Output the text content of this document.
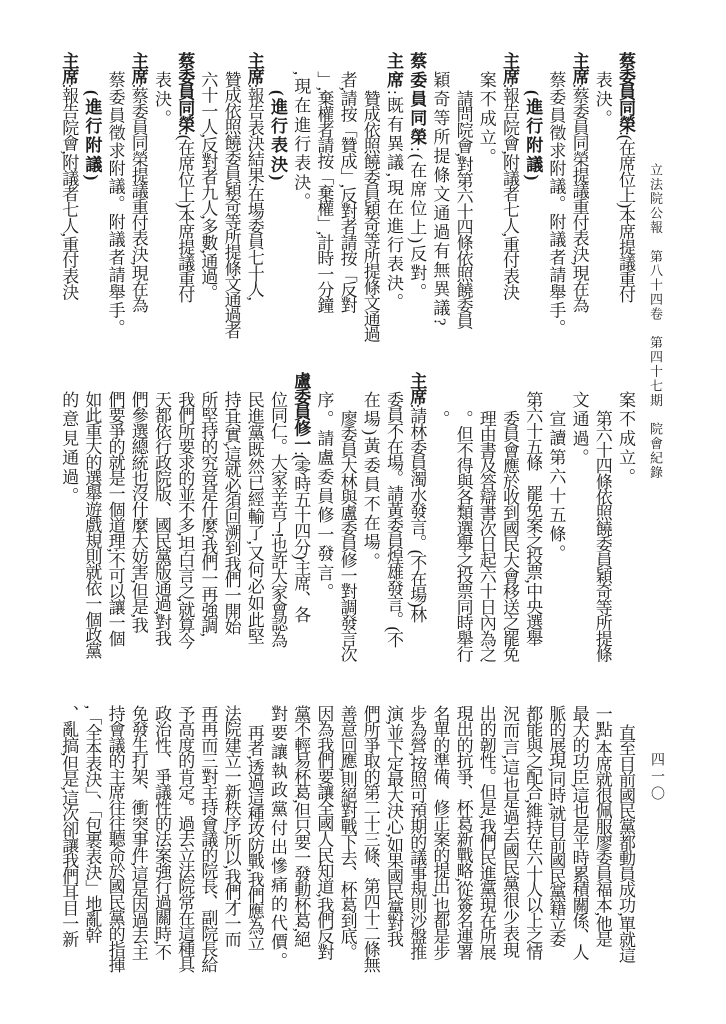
立法院公報　第八十四卷　第四十七期　院會紀錄
四一〇
蔡委員同榮:(在席位上)本席提議重付
表決。
主席:蔡委員同榮提議重付表決,現在為
蔡委員徵求附議。附議者請舉手。
(進行附議)
主席:報告院會,附議者七人,重付表決
案不成立。
請問院會,對第六十四條依照饒委員
穎奇等所提條文通過有無異議?
蔡委員同榮:(在席位上)反對。
主席:既有異議,現在進行表決。
贊成依照饒委員穎奇等所提條文通過
者,請按「贊成」,反對者請按「反對
」,棄權者請按「棄權」,計時一分鐘
,現在進行表決。
(進行表決)
主席:報告表決結果:在場委員七十人,
贊成依照饒委員穎奇等所提條文通過者
六十一人,反對者九人,多數,通過。
蔡委員同榮:(在席位上)本席提議重付
表決。
主席:蔡委員同榮提議重付表決,現在為
蔡委員徵求附議。附議者請舉手。
(進行附議)
主席:報告院會,附議者七人,重付表決
案不成立。
第六十四條依照饒委員穎奇等所提條
文通過。
宣讀第六十五條。
第六十五條　罷免案之投票,中央選舉
委員會應於收到國民大會移送之罷免
理由書及答辯書次日起六十日內為之
。但不得與各類選舉之投票同時舉行
。
主席:請林委員濁水發言。(不在場)林
委員不在場。請黃委員煌雄發言。(不
在場)黃委員不在場。
廖委員大林與盧委員修一對調發言次
序。請盧委員修一發言。
盧委員修一:(零時五十四分)主席、各
位同仁。大家辛苦了!也許大家會認為
民進黨既然已經輸了,又何必如此堅
持!其實,這就必須回溯到我們一開始
所堅持的究竟是什麼?我們一再強調,
我們所要求的並不多,坦白言之,就算今
天都依行政院版、國民黨版通過,對我
們參選總統也沒什麼大妨害,但是,我
們要爭的就是一個道理;不可以讓一個
如此重大的選舉遊戲規則就依一個政黨
的意見通過。
直至目前國民黨都動員成功,單就這
一點,本席就很佩服廖委員福本,他是
最大的功臣,這也是平時累積關係、人
脈的展現,同時,就目前國民黨籍立委
都能與之配合,維持在六十人以上之情
況而言,這也是過去國民黨很少表現
出的韌性。但是,我們民進黨現在所展
現出的抗爭、杯葛新戰略,從簽名連署
名單的準備、修正案的提出,也都是步
步為營,按照可預期的議事規則沙盤推
演,並下定最大決心,如果國民黨對我
們所爭取的第二十三條、第四十二條無
善意回應,則絕對戰下去、杯葛到底。
因為我們要讓全國人民知道,我們反對
黨不輕易杯葛,但只要一發動杯葛,絕
對要讓執政黨付出慘痛的代價。
再者,透過這種攻防戰,我們應為立
法院建立一新秩序,所以,我們才一而
再再而三對主持會議的院長、副院長給
予高度的肯定。過去立法院常在這種具
政治性、爭議性的法案強行過關時,不
免發生打架、衝突事件,這是因過去主
持會議的主席往往聽命於國民黨的指揮
,「全本表決」、「包裹表決」地亂幹
、亂搞,但是,這次卻讓我們耳目一新
